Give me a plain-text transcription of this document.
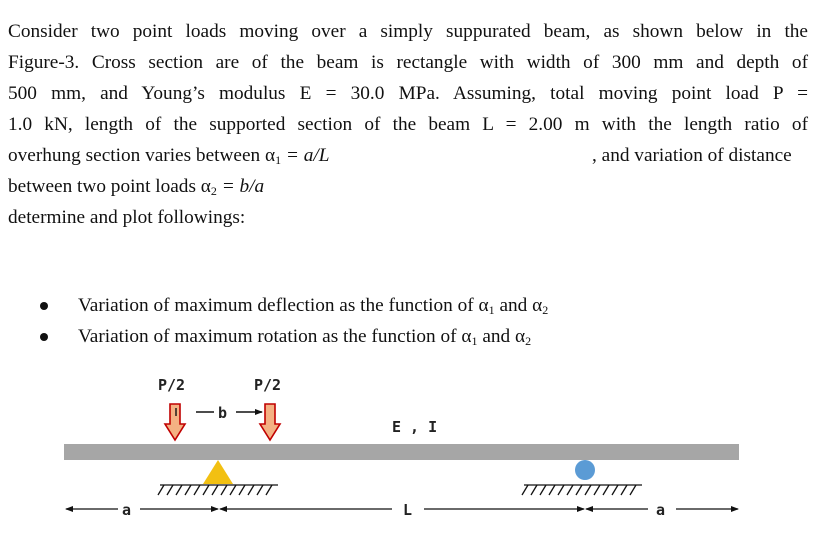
Consider two point loads moving over a simply suppurated beam, as shown below in the
Figure-3. Cross section are of the beam is rectangle with width of 300 mm and depth of
500 mm, and Young’s modulus E = 30.0 MPa. Assuming, total moving point load P =
1.0 kN, length of the supported section of the beam L = 2.00 m with the length ratio of
overhung section varies between $\alpha_1 = a/L$	, and variation of distance
between two point loads $\alpha_2 = b/a$
determine and plot followings:
Variation of maximum deflection as the function of $\alpha_1$ and $\alpha_2$
Variation of maximum rotation as the function of $\alpha_1$ and $\alpha_2$
P/2	P/2
b
E , I
a	L	a
